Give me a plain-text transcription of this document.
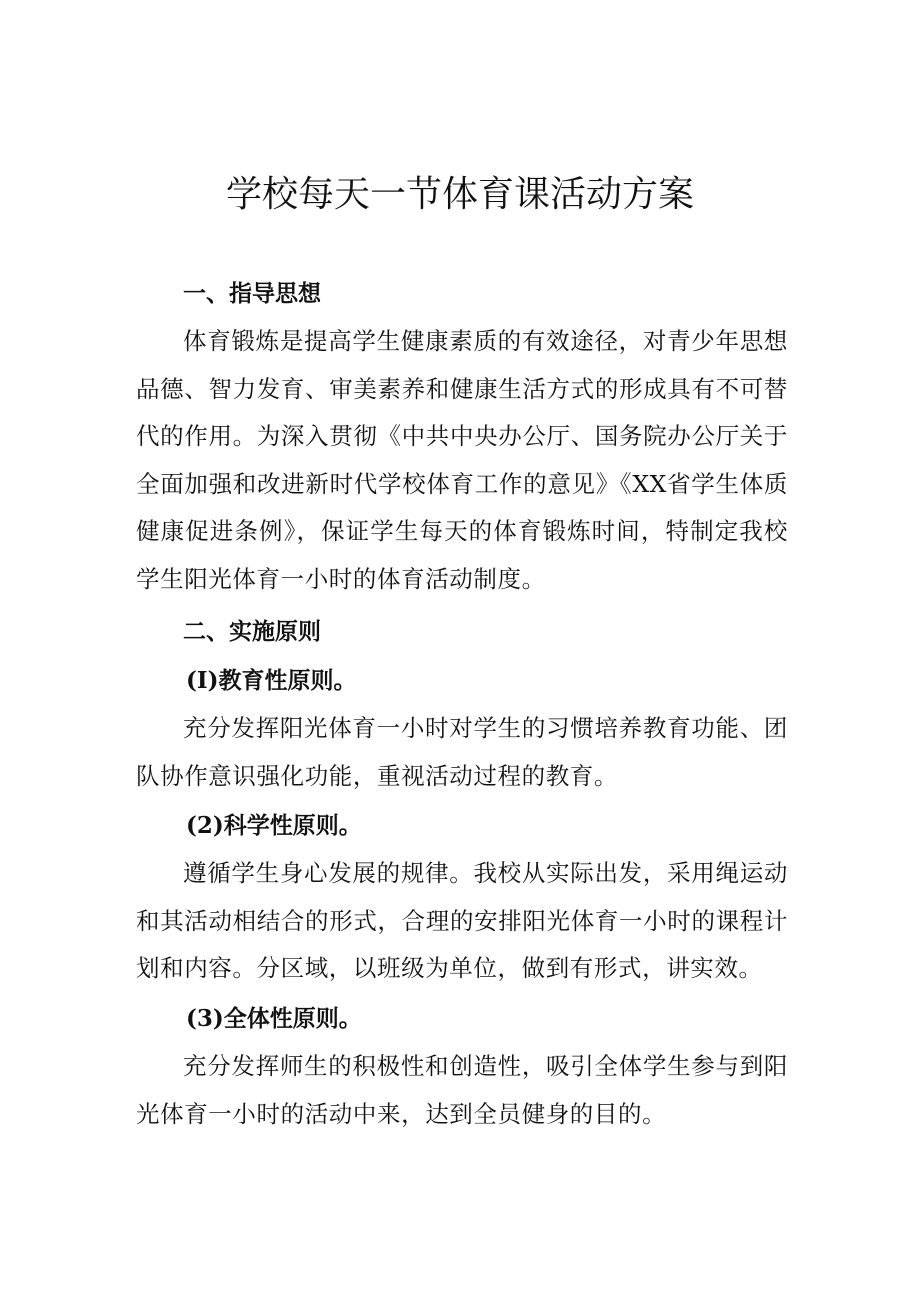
学校每天一节体育课活动方案
一、指导思想

体育锻炼是提高学生健康素质的有效途径，对青少年思想品德、智力发育、审美素养和健康生活方式的形成具有不可替代的作用。为深入贯彻《中共中央办公厅、国务院办公厅关于全面加强和改进新时代学校体育工作的意见》《XX省学生体质健康促进条例》，保证学生每天的体育锻炼时间，特制定我校学生阳光体育一小时的体育活动制度。

二、实施原则
(I)教育性原则。

充分发挥阳光体育一小时对学生的习惯培养教育功能、团队协作意识强化功能，重视活动过程的教育。

(2)科学性原则。

遵循学生身心发展的规律。我校从实际出发，采用绳运动和其活动相结合的形式，合理的安排阳光体育一小时的课程计划和内容。分区域，以班级为单位，做到有形式，讲实效。

(3)全体性原则。

充分发挥师生的积极性和创造性，吸引全体学生参与到阳光体育一小时的活动中来，达到全员健身的目的。
